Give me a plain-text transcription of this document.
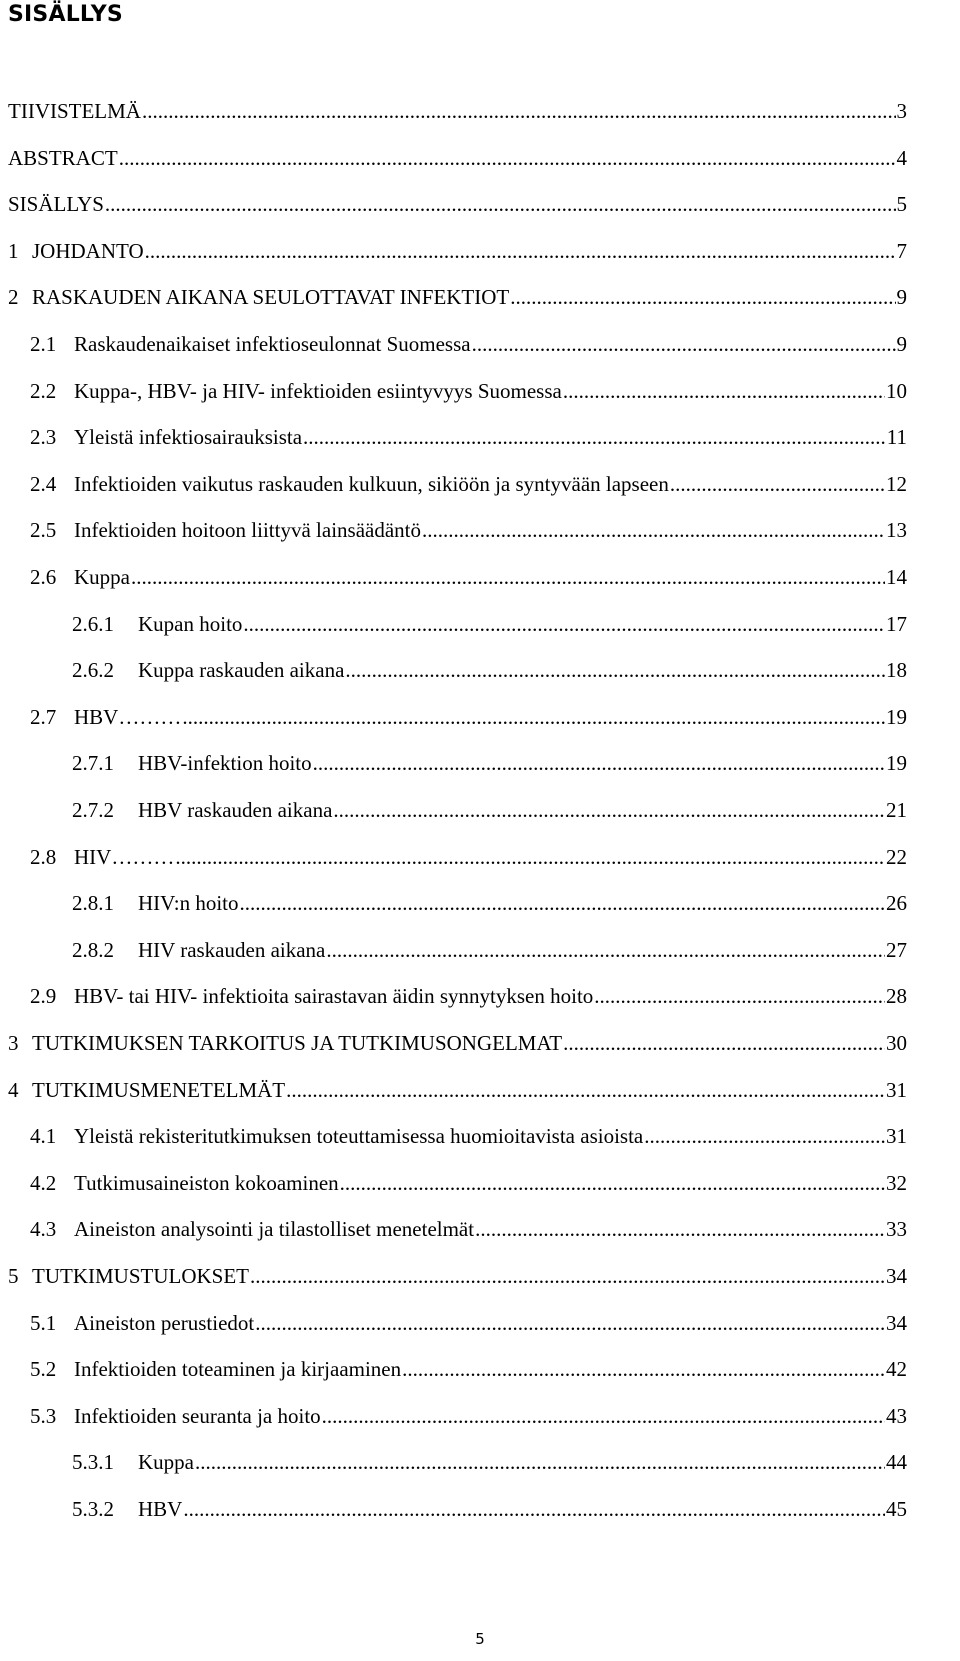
SISÄLLYS
TIIVISTELMÄ .....	3
ABSTRACT .....	4
SISÄLLYS .....	5
1 JOHDANTO .....	7
2 RASKAUDEN AIKANA SEULOTTAVAT INFEKTIOT .....	9
2.1 Raskaudenaikaiset infektioseulonnat Suomessa .....	9
2.2 Kuppa-, HBV- ja HIV- infektioiden esiintyvyys Suomessa .....	10
2.3 Yleistä infektiosairauksista .....	11
2.4 Infektioiden vaikutus raskauden kulkuun, sikiöön ja syntyvään lapseen .....	12
2.5 Infektioiden hoitoon liittyvä lainsäädäntö .....	13
2.6 Kuppa .....	14
2.6.1	Kupan hoito .....	17
2.6.2	Kuppa raskauden aikana .....	18
2.7 HBV……… .....	19
2.7.1	HBV-infektion hoito .....	19
2.7.2	HBV raskauden aikana .....	21
2.8 HIV……… .....	22
2.8.1	HIV:n hoito .....	26
2.8.2	HIV raskauden aikana .....	27
2.9 HBV- tai HIV- infektioita sairastavan äidin synnytyksen hoito .....	28
3 TUTKIMUKSEN TARKOITUS JA TUTKIMUSONGELMAT .....	30
4 TUTKIMUSMENETELMÄT .....	31
4.1 Yleistä rekisteritutkimuksen toteuttamisessa huomioitavista asioista .....	31
4.2 Tutkimusaineiston kokoaminen .....	32
4.3 Aineiston analysointi ja tilastolliset menetelmät .....	33
5 TUTKIMUSTULOKSET .....	34
5.1 Aineiston perustiedot .....	34
5.2 Infektioiden toteaminen ja kirjaaminen .....	42
5.3 Infektioiden seuranta ja hoito .....	43
5.3.1	Kuppa .....	44
5.3.2	HBV .....	45
5
